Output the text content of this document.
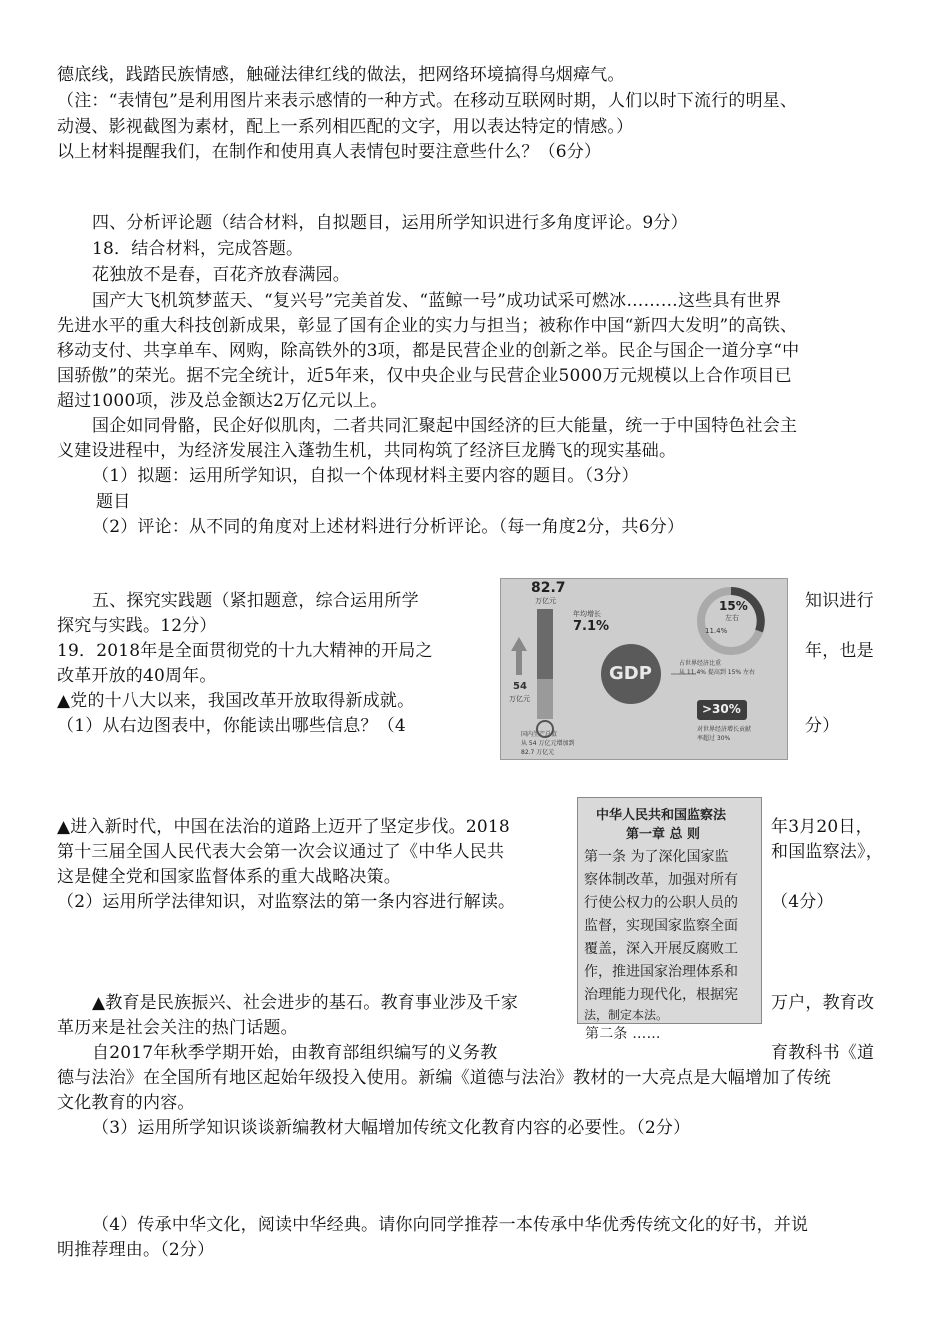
德底线，践踏民族情感，触碰法律红线的做法，把网络环境搞得乌烟瘴气。
（注：“表情包”是利用图片来表示感情的一种方式。在移动互联网时期，人们以时下流行的明星、
动漫、影视截图为素材，配上一系列相匹配的文字，用以表达特定的情感。）
以上材料提醒我们，在制作和使用真人表情包时要注意些什么？（6分）
四、分析评论题（结合材料，自拟题目，运用所学知识进行多角度评论。9分）
18．结合材料，完成答题。
花独放不是春，百花齐放春满园。
国产大飞机筑梦蓝天、“复兴号”完美首发、“蓝鲸一号”成功试采可燃冰………这些具有世界
先进水平的重大科技创新成果，彰显了国有企业的实力与担当；被称作中国“新四大发明”的高铁、
移动支付、共享单车、网购，除高铁外的3项，都是民营企业的创新之举。民企与国企一道分享“中
国骄傲”的荣光。据不完全统计，近5年来，仅中央企业与民营企业5000万元规模以上合作项目已
超过1000项，涉及总金额达2万亿元以上。
国企如同骨骼，民企好似肌肉，二者共同汇聚起中国经济的巨大能量，统一于中国特色社会主
义建设进程中，为经济发展注入蓬勃生机，共同构筑了经济巨龙腾飞的现实基础。
（1）拟题：运用所学知识，自拟一个体现材料主要内容的题目。（3分）
题目
（2）评论：从不同的角度对上述材料进行分析评论。（每一角度2分，共6分）
五、探究实践题（紧扣题意，综合运用所学	知识进行
探究与实践。12分）
19．2018年是全面贯彻党的十九大精神的开局之	年，也是
改革开放的40周年。
▲党的十八大以来，我国改革开放取得新成就。
（1）从右边图表中，你能读出哪些信息？（4	分）
▲进入新时代，中国在法治的道路上迈开了坚定步伐。2018	年3月20日，
第十三届全国人民代表大会第一次会议通过了《中华人民共	和国监察法》，
这是健全党和国家监督体系的重大战略决策。
（2）运用所学法律知识，对监察法的第一条内容进行解读。	（4分）
▲教育是民族振兴、社会进步的基石。教育事业涉及千家	万户，教育改
革历来是社会关注的热门话题。
自2017年秋季学期开始，由教育部组织编写的义务教	育教科书《道
德与法治》在全国所有地区起始年级投入使用。新编《道德与法治》教材的一大亮点是大幅增加了传统
文化教育的内容。
（3）运用所学知识谈谈新编教材大幅增加传统文化教育内容的必要性。（2分）
（4）传承中华文化，阅读中华经典。请你向同学推荐一本传承中华优秀传统文化的好书，并说
明推荐理由。（2分）
82.7
万亿元
年均增长
7.1%
54
万亿元
GDP
15%
左右
11.4%
占世界经济比重
从 11.4% 提高到 15% 左右
>30%
对世界经济增长贡献
率超过 30%
国内生产总值
从 54 万亿元增加到
82.7 万亿元
中华人民共和国监察法
第一章 总 则
第一条 为了深化国家监
察体制改革，加强对所有
行使公权力的公职人员的
监督，实现国家监察全面
覆盖，深入开展反腐败工
作，推进国家治理体系和
治理能力现代化，根据宪
法，制定本法。
第二条 ……
